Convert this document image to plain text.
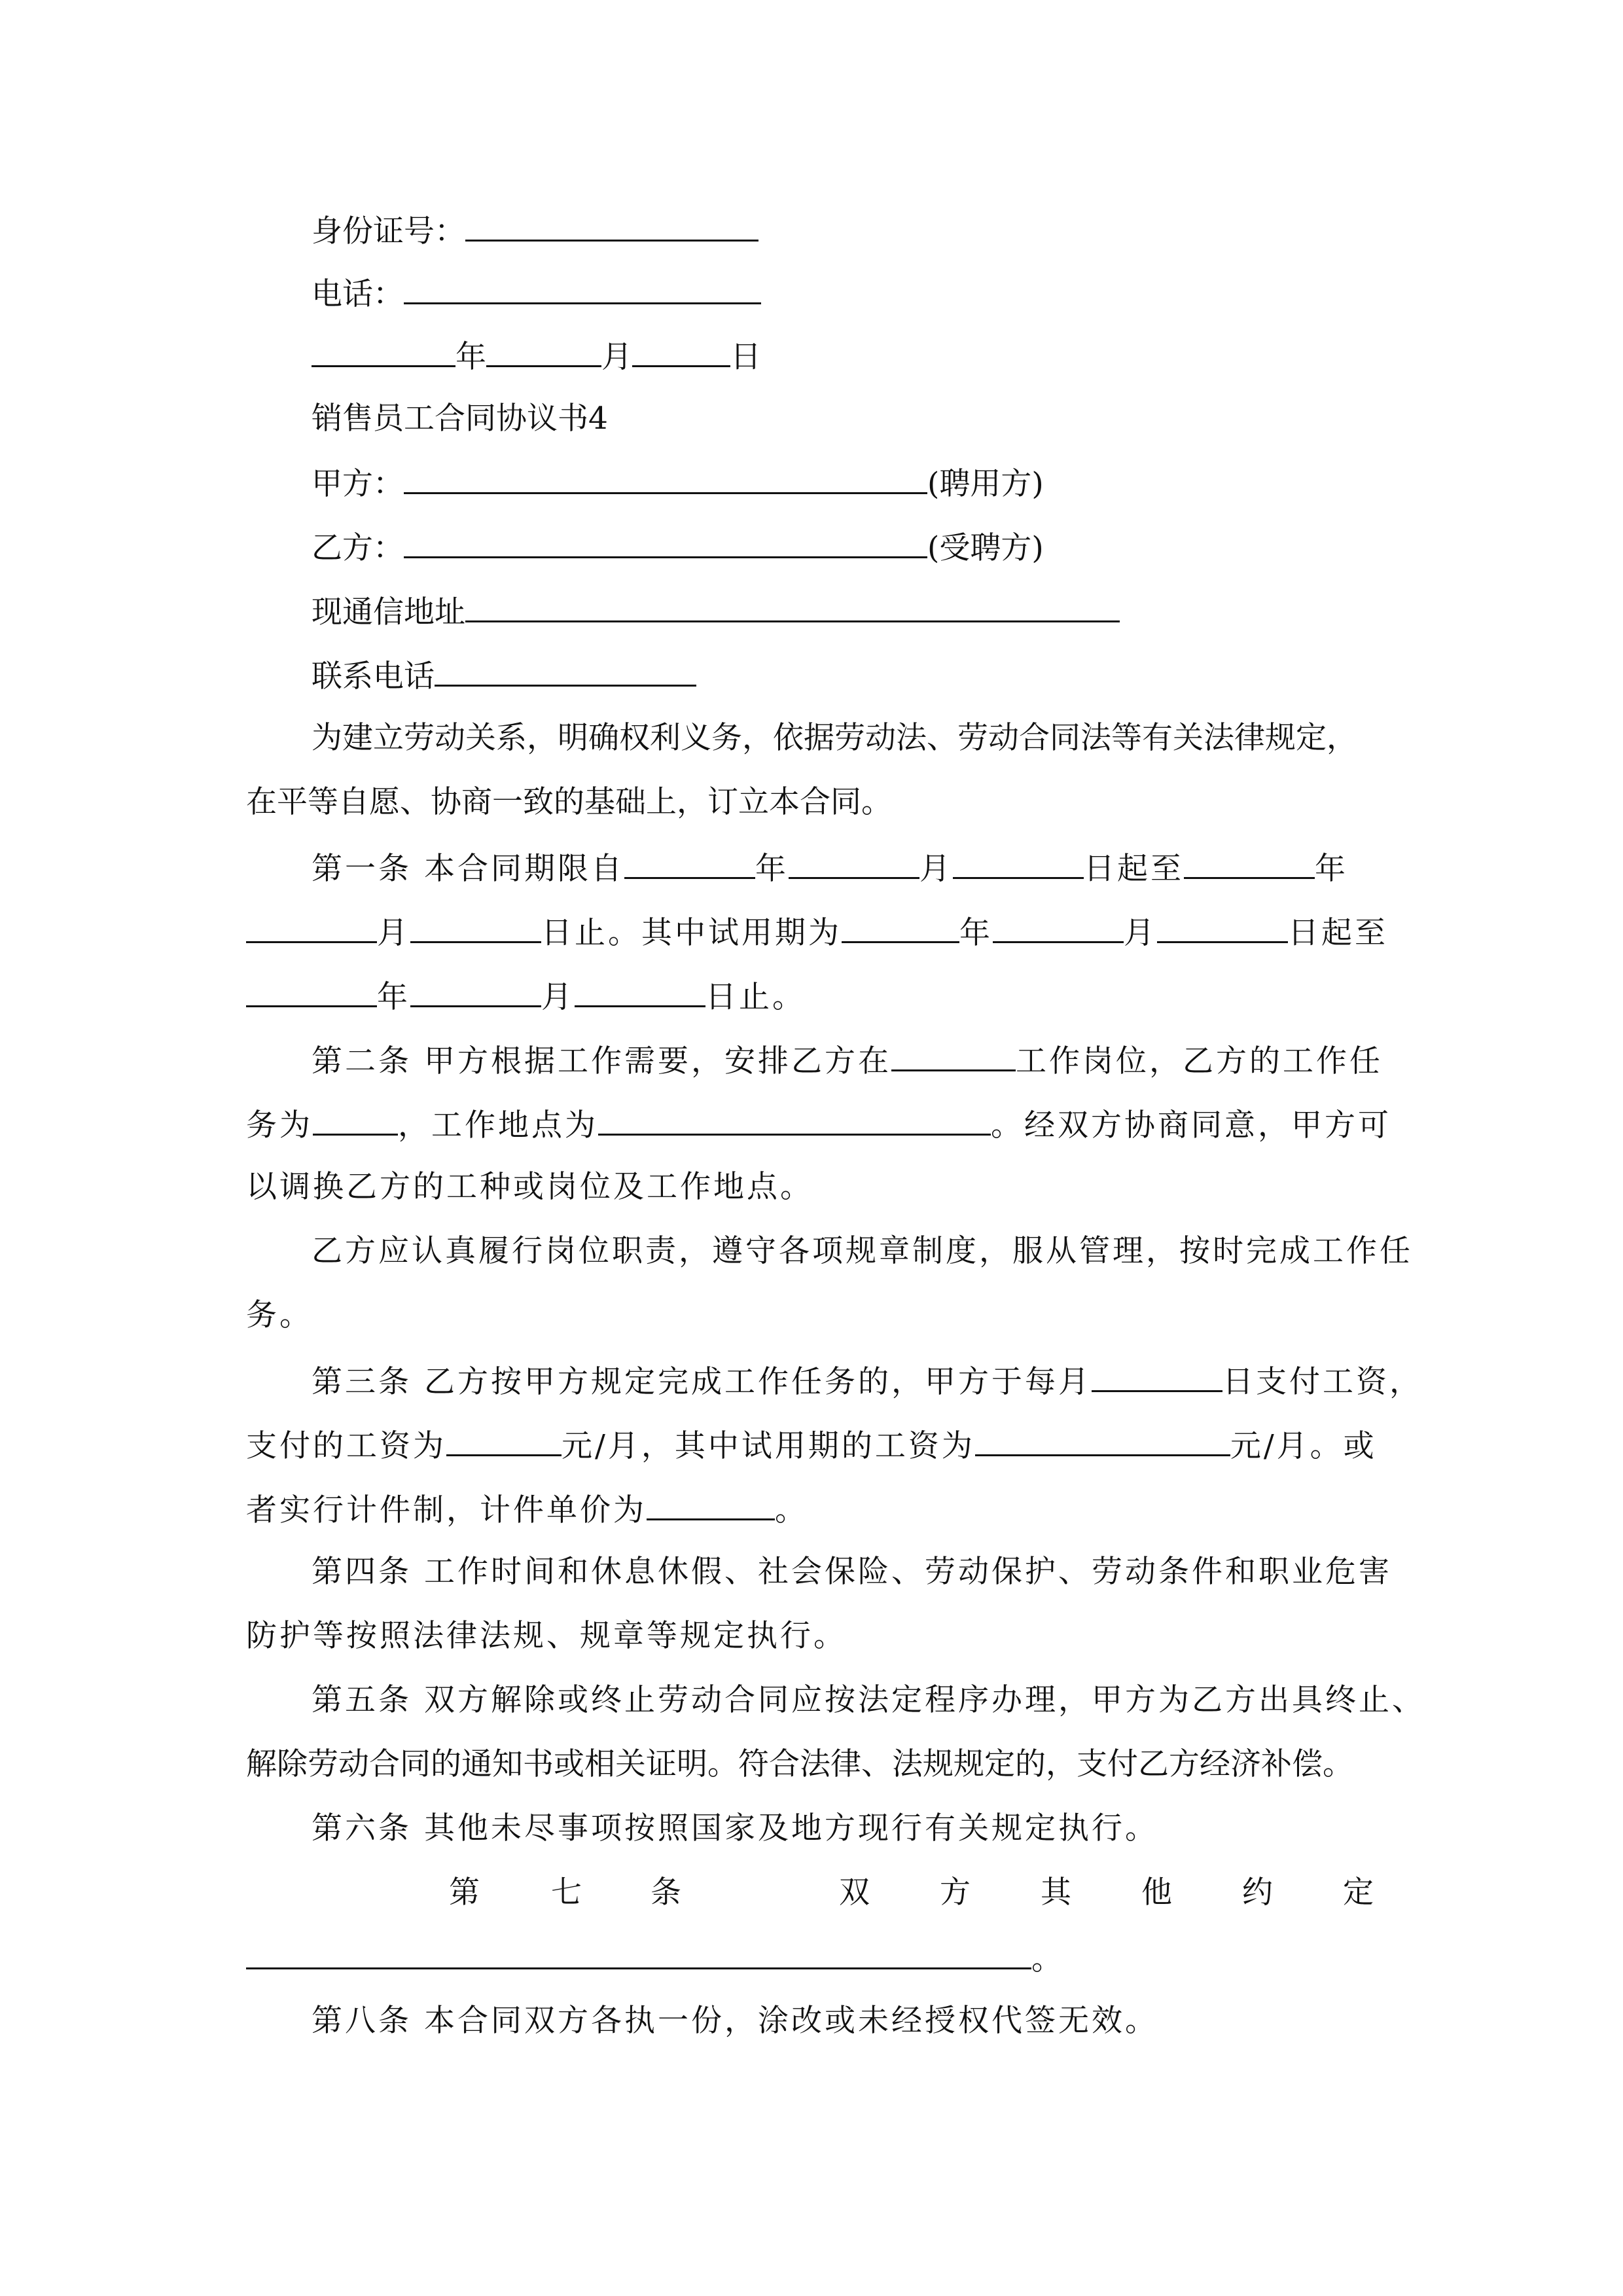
身份证号：
电话：
年	月	日
销售员工合同协议书4
甲方：	(聘用方)
乙方：	(受聘方)
现通信地址
联系电话
为建立劳动关系，明确权利义务，依据劳动法、劳动合同法等有关法律规定，
在平等自愿、协商一致的基础上，订立本合同。
第一条 本合同期限自	年	月	日起至	年
月	日止。其中试用期为	年	月	日起至
年	月	日止。
第二条 甲方根据工作需要，安排乙方在	工作岗位，乙方的工作任
务为	，工作地点为	。经双方协商同意，甲方可
以调换乙方的工种或岗位及工作地点。
乙方应认真履行岗位职责，遵守各项规章制度，服从管理，按时完成工作任
务。
第三条 乙方按甲方规定完成工作任务的，甲方于每月	日支付工资，
支付的工资为	元/月，其中试用期的工资为	元/月。或
者实行计件制，计件单价为	。
第四条 工作时间和休息休假、社会保险、劳动保护、劳动条件和职业危害
防护等按照法律法规、规章等规定执行。
第五条 双方解除或终止劳动合同应按法定程序办理，甲方为乙方出具终止、
解除劳动合同的通知书或相关证明。符合法律、法规规定的，支付乙方经济补偿。
第六条 其他未尽事项按照国家及地方现行有关规定执行。
第 七 条	双 方 其 他 约 定
。
第八条 本合同双方各执一份，涂改或未经授权代签无效。
